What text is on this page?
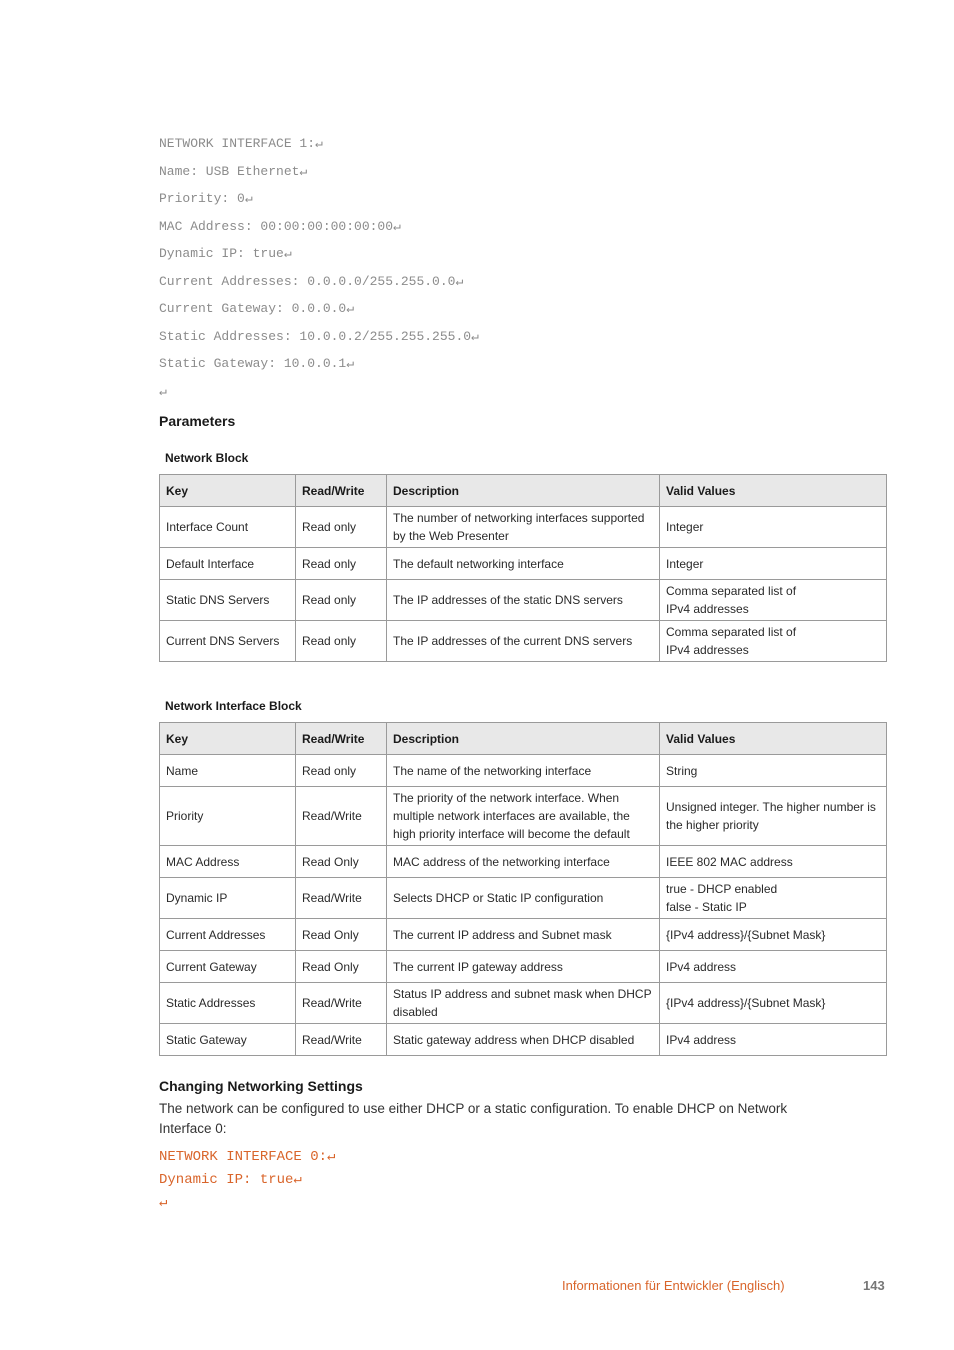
NETWORK INTERFACE 1:↵
Name: USB Ethernet↵
Priority: 0↵
MAC Address: 00:00:00:00:00:00↵
Dynamic IP: true↵
Current Addresses: 0.0.0.0/255.255.0.0↵
Current Gateway: 0.0.0.0↵
Static Addresses: 10.0.0.2/255.255.255.0↵
Static Gateway: 10.0.0.1↵
↵
Parameters
Network Block
Key	Read/Write	Description	Valid Values
Interface Count	Read only	The number of networking interfaces supported by the Web Presenter	Integer
Default Interface	Read only	The default networking interface	Integer
Static DNS Servers	Read only	The IP addresses of the static DNS servers	Comma separated list of IPv4 addresses
Current DNS Servers	Read only	The IP addresses of the current DNS servers	Comma separated list of IPv4 addresses
Network Interface Block
Key	Read/Write	Description	Valid Values
Name	Read only	The name of the networking interface	String
Priority	Read/Write	The priority of the network interface. When multiple network interfaces are available, the high priority interface will become the default	Unsigned integer. The higher number is the higher priority
MAC Address	Read Only	MAC address of the networking interface	IEEE 802 MAC address
Dynamic IP	Read/Write	Selects DHCP or Static IP configuration	true - DHCP enabled
false - Static IP
Current Addresses	Read Only	The current IP address and Subnet mask	{IPv4 address}/{Subnet Mask}
Current Gateway	Read Only	The current IP gateway address	IPv4 address
Static Addresses	Read/Write	Status IP address and subnet mask when DHCP disabled	{IPv4 address}/{Subnet Mask}
Static Gateway	Read/Write	Static gateway address when DHCP disabled	IPv4 address
Changing Networking Settings
The network can be configured to use either DHCP or a static configuration. To enable DHCP on Network Interface 0:
NETWORK INTERFACE 0:↵
Dynamic IP: true↵
↵
Informationen für Entwickler (Englisch)	143
